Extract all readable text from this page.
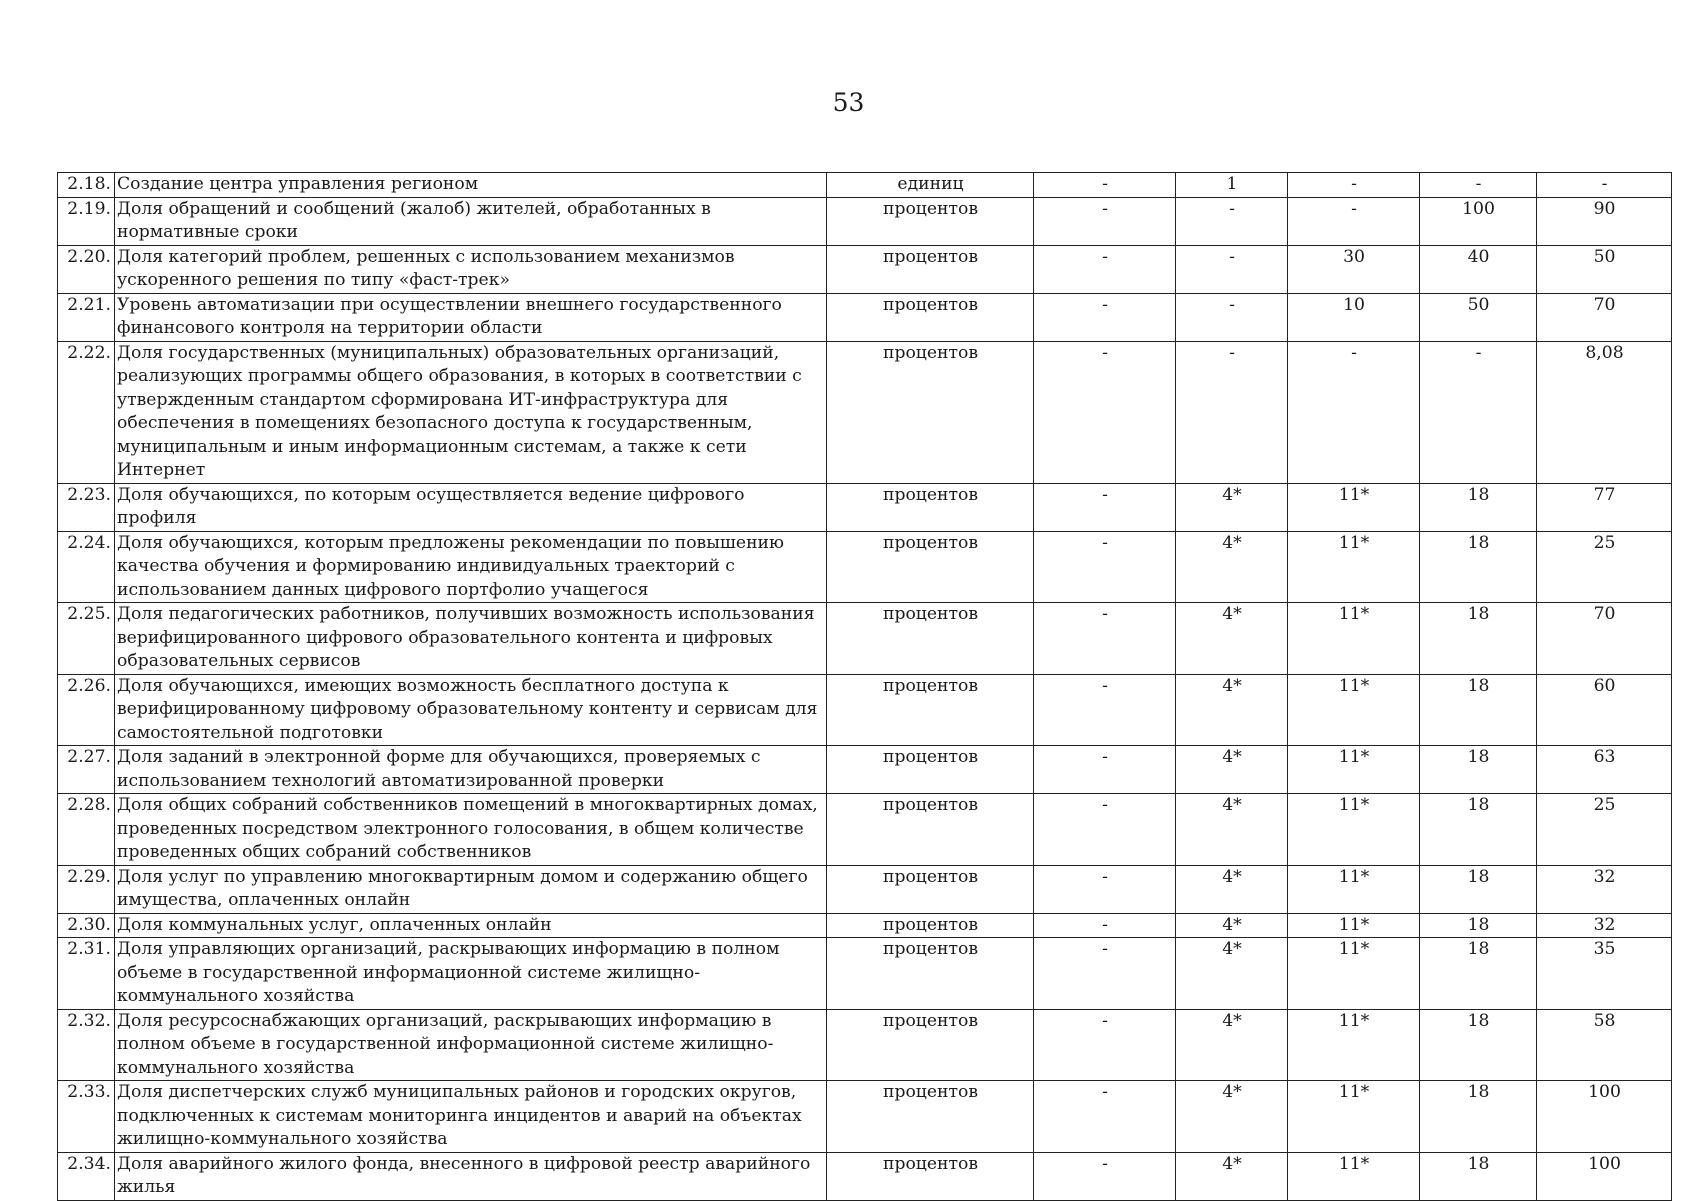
53
2.18.	Создание центра управления регионом	единиц	-	1	-	-	-
2.19.	Доля обращений и сообщений (жалоб) жителей, обработанных в нормативные сроки	процентов	-	-	-	100	90
2.20.	Доля категорий проблем, решенных с использованием механизмов ускоренного решения по типу «фаст-трек»	процентов	-	-	30	40	50
2.21.	Уровень автоматизации при осуществлении внешнего государственного финансового контроля на территории области	процентов	-	-	10	50	70
2.22.	Доля государственных (муниципальных) образовательных организаций, реализующих программы общего образования, в которых в соответствии с утвержденным стандартом сформирована ИТ-инфраструктура для обеспечения в помещениях безопасного доступа к государственным, муниципальным и иным информационным системам, а также к сети Интернет	процентов	-	-	-	-	8,08
2.23.	Доля обучающихся, по которым осуществляется ведение цифрового профиля	процентов	-	4*	11*	18	77
2.24.	Доля обучающихся, которым предложены рекомендации по повышению качества обучения и формированию индивидуальных траекторий с использованием данных цифрового портфолио учащегося	процентов	-	4*	11*	18	25
2.25.	Доля педагогических работников, получивших возможность использования верифицированного цифрового образовательного контента и цифровых образовательных сервисов	процентов	-	4*	11*	18	70
2.26.	Доля обучающихся, имеющих возможность бесплатного доступа к верифицированному цифровому образовательному контенту и сервисам для самостоятельной подготовки	процентов	-	4*	11*	18	60
2.27.	Доля заданий в электронной форме для обучающихся, проверяемых с использованием технологий автоматизированной проверки	процентов	-	4*	11*	18	63
2.28.	Доля общих собраний собственников помещений в многоквартирных домах, проведенных посредством электронного голосования, в общем количестве проведенных общих собраний собственников	процентов	-	4*	11*	18	25
2.29.	Доля услуг по управлению многоквартирным домом и содержанию общего имущества, оплаченных онлайн	процентов	-	4*	11*	18	32
2.30.	Доля коммунальных услуг, оплаченных онлайн	процентов	-	4*	11*	18	32
2.31.	Доля управляющих организаций, раскрывающих информацию в полном объеме в государственной информационной системе жилищно-коммунального хозяйства	процентов	-	4*	11*	18	35
2.32.	Доля ресурсоснабжающих организаций, раскрывающих информацию в полном объеме в государственной информационной системе жилищно-коммунального хозяйства	процентов	-	4*	11*	18	58
2.33.	Доля диспетчерских служб муниципальных районов и городских округов, подключенных к системам мониторинга инцидентов и аварий на объектах жилищно-коммунального хозяйства	процентов	-	4*	11*	18	100
2.34.	Доля аварийного жилого фонда, внесенного в цифровой реестр аварийного жилья	процентов	-	4*	11*	18	100
